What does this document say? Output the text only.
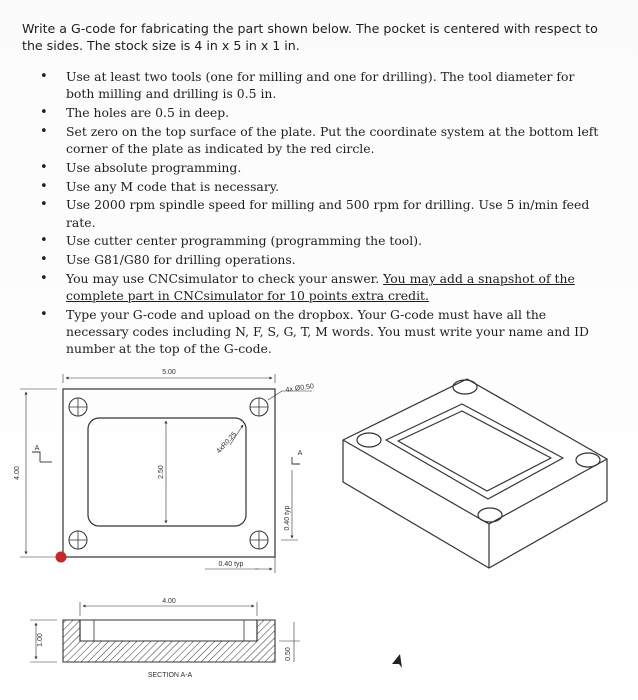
Write a G-code for fabricating the part shown below. The pocket is centered with respect to the sides. The stock size is 4 in x 5 in x 1 in.
• Use at least two tools (one for milling and one for drilling). The tool diameter for both milling and drilling is 0.5 in.
• The holes are 0.5 in deep.
• Set zero on the top surface of the plate. Put the coordinate system at the bottom left corner of the plate as indicated by the red circle.
• Use absolute programming.
• Use any M code that is necessary.
• Use 2000 rpm spindle speed for milling and 500 rpm for drilling. Use 5 in/min feed rate.
• Use cutter center programming (programming the tool).
• Use G81/G80 for drilling operations.
• You may use CNCsimulator to check your answer. You may add a snapshot of the complete part in CNCsimulator for 10 points extra credit.
• Type your G-code and upload on the dropbox. Your G-code must have all the necessary codes including N, F, S, G, T, M words. You must write your name and ID number at the top of the G-code.
5.00
4.00	2.50
4xR0.25
4x Ø0.50
0.40 typ
0.40 typ
A
A
4.00
1.00
0.50
SECTION A-A
